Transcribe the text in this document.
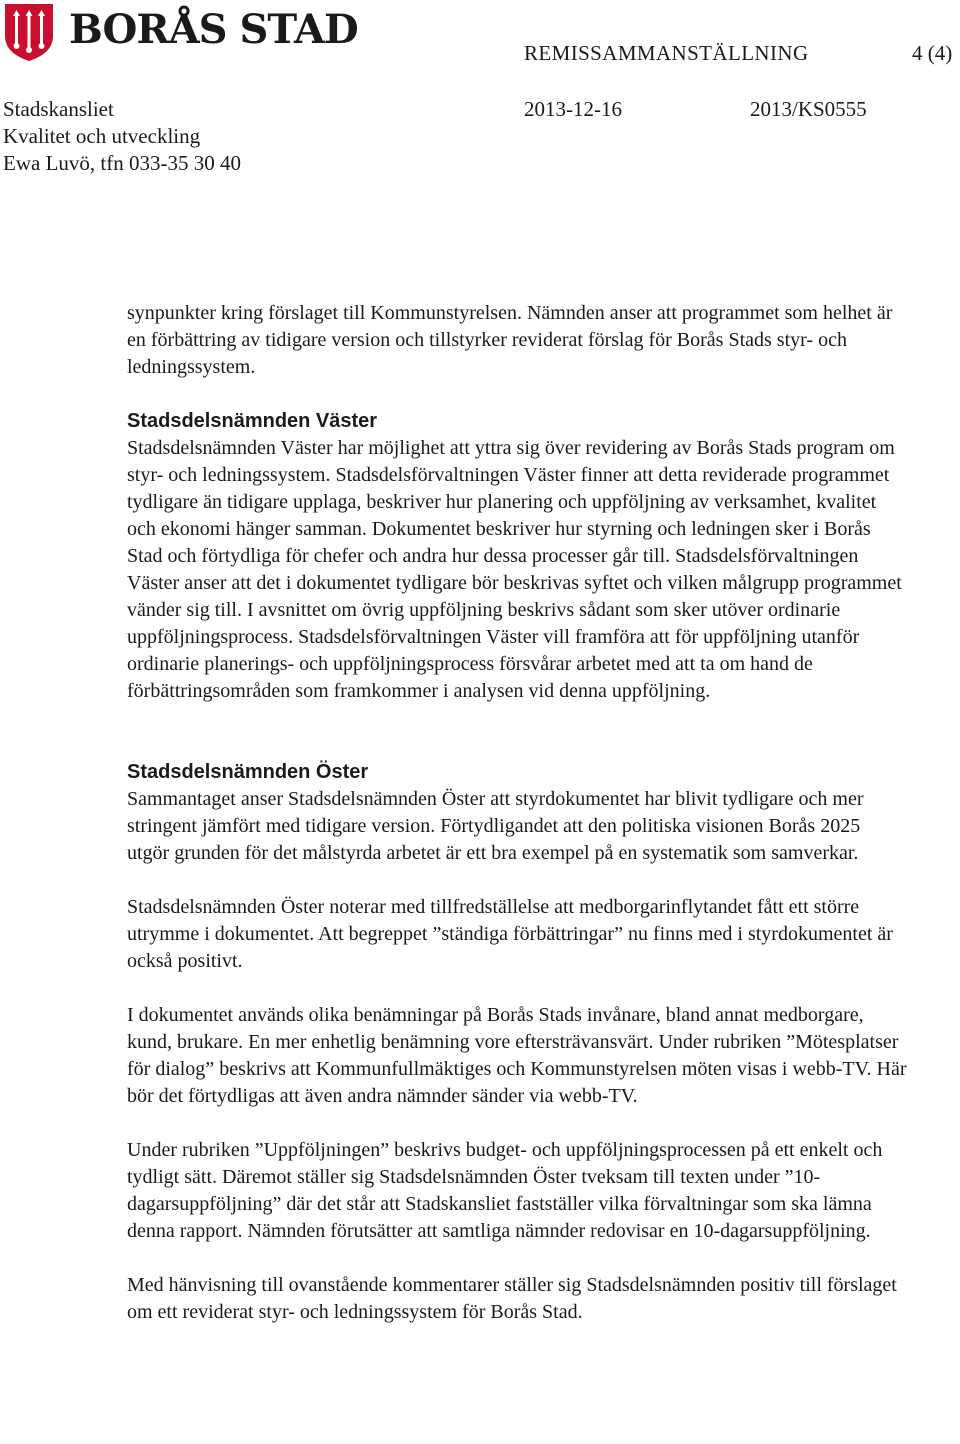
BORÅS STAD
REMISSAMMANSTÄLLNING	4 (4)
Stadskansliet
Kvalitet och utveckling
Ewa Luvö, tfn 033-35 30 40
2013-12-16	2013/KS0555

synpunkter kring förslaget till Kommunstyrelsen. Nämnden anser att programmet som helhet är en förbättring av tidigare version och tillstyrker reviderat förslag för Borås Stads styr- och ledningssystem.

Stadsdelsnämnden Väster

Stadsdelsnämnden Väster har möjlighet att yttra sig över revidering av Borås Stads program om styr- och ledningssystem. Stadsdelsförvaltningen Väster finner att detta reviderade programmet tydligare än tidigare upplaga, beskriver hur planering och uppföljning av verksamhet, kvalitet och ekonomi hänger samman. Dokumentet beskriver hur styrning och ledningen sker i Borås Stad och förtydliga för chefer och andra hur dessa processer går till. Stadsdelsförvaltningen Väster anser att det i dokumentet tydligare bör beskrivas syftet och vilken målgrupp programmet vänder sig till. I avsnittet om övrig uppföljning beskrivs sådant som sker utöver ordinarie uppföljningsprocess. Stadsdelsförvaltningen Väster vill framföra att för uppföljning utanför ordinarie planerings- och uppföljningsprocess försvårar arbetet med att ta om hand de förbättringsområden som framkommer i analysen vid denna uppföljning.

Stadsdelsnämnden Öster

Sammantaget anser Stadsdelsnämnden Öster att styrdokumentet har blivit tydligare och mer stringent jämfört med tidigare version. Förtydligandet att den politiska visionen Borås 2025 utgör grunden för det målstyrda arbetet är ett bra exempel på en systematik som samverkar.

Stadsdelsnämnden Öster noterar med tillfredställelse att medborgarinflytandet fått ett större utrymme i dokumentet. Att begreppet ”ständiga förbättringar” nu finns med i styrdokumentet är också positivt.

I dokumentet används olika benämningar på Borås Stads invånare, bland annat medborgare, kund, brukare. En mer enhetlig benämning vore eftersträvansvärt. Under rubriken ”Mötesplatser för dialog” beskrivs att Kommunfullmäktiges och Kommunstyrelsen möten visas i webb-TV. Här bör det förtydligas att även andra nämnder sänder via webb-TV.

Under rubriken ”Uppföljningen” beskrivs budget- och uppföljningsprocessen på ett enkelt och tydligt sätt. Däremot ställer sig Stadsdelsnämnden Öster tveksam till texten under ”10-dagarsuppföljning” där det står att Stadskansliet fastställer vilka förvaltningar som ska lämna denna rapport. Nämnden förutsätter att samtliga nämnder redovisar en 10-dagarsuppföljning.

Med hänvisning till ovanstående kommentarer ställer sig Stadsdelsnämnden positiv till förslaget om ett reviderat styr- och ledningssystem för Borås Stad.
